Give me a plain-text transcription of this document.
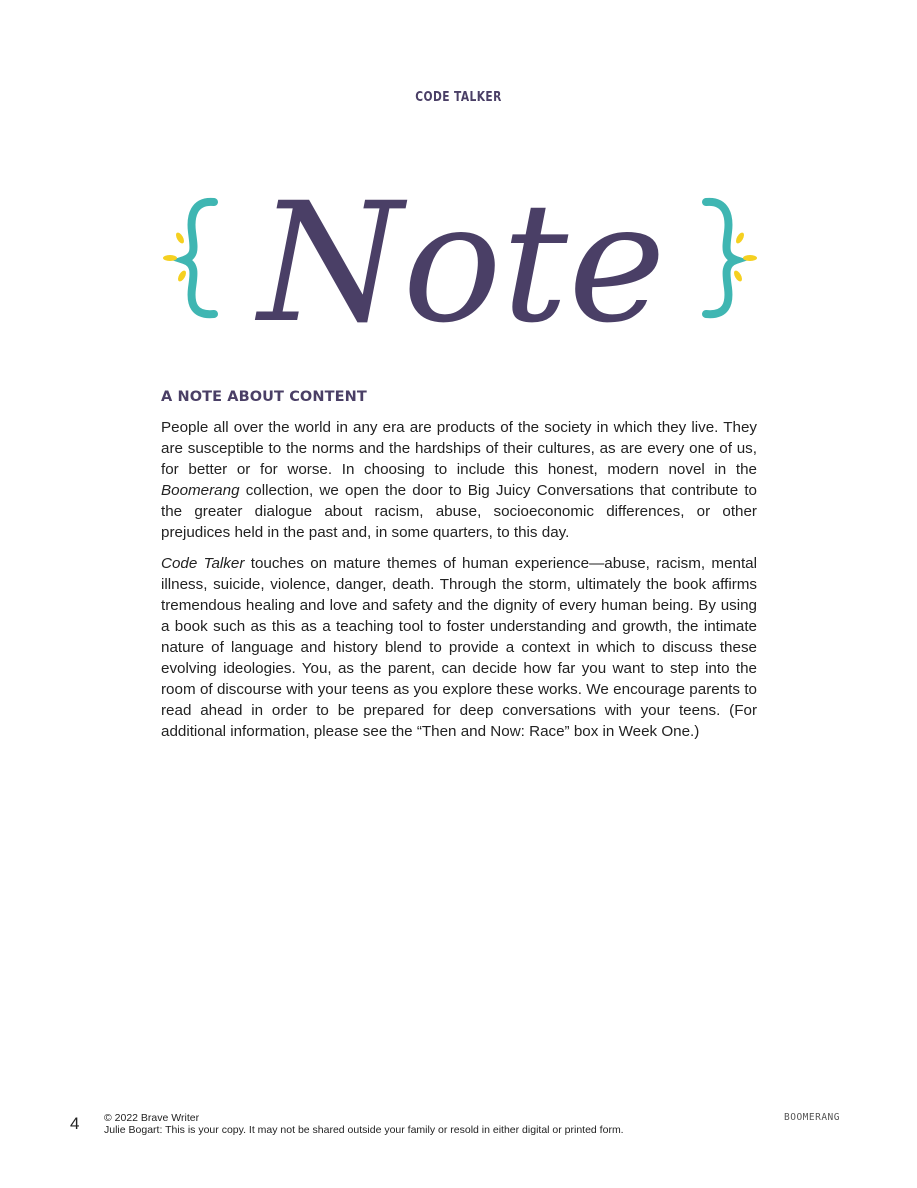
CODE TALKER
Note
A NOTE ABOUT CONTENT

People all over the world in any era are products of the society in which they live. They are susceptible to the norms and the hardships of their cultures, as are every one of us, for better or for worse. In choosing to include this honest, modern novel in the Boomerang collection, we open the door to Big Juicy Conversations that contribute to the greater dialogue about racism, abuse, socioeconomic differences, or other prejudices held in the past and, in some quarters, to this day.

Code Talker touches on mature themes of human experience—abuse, racism, mental illness, suicide, violence, danger, death. Through the storm, ultimately the book affirms tremendous healing and love and safety and the dignity of every human being. By using a book such as this as a teaching tool to foster understanding and growth, the intimate nature of language and history blend to provide a context in which to discuss these evolving ideologies. You, as the parent, can decide how far you want to step into the room of discourse with your teens as you explore these works. We encourage parents to read ahead in order to be prepared for deep conversations with your teens. (For additional information, please see the “Then and Now: Race” box in Week One.)

4 © 2022 Brave Writer
Julie Bogart: This is your copy. It may not be shared outside your family or resold in either digital or printed form.
BOOMERANG
